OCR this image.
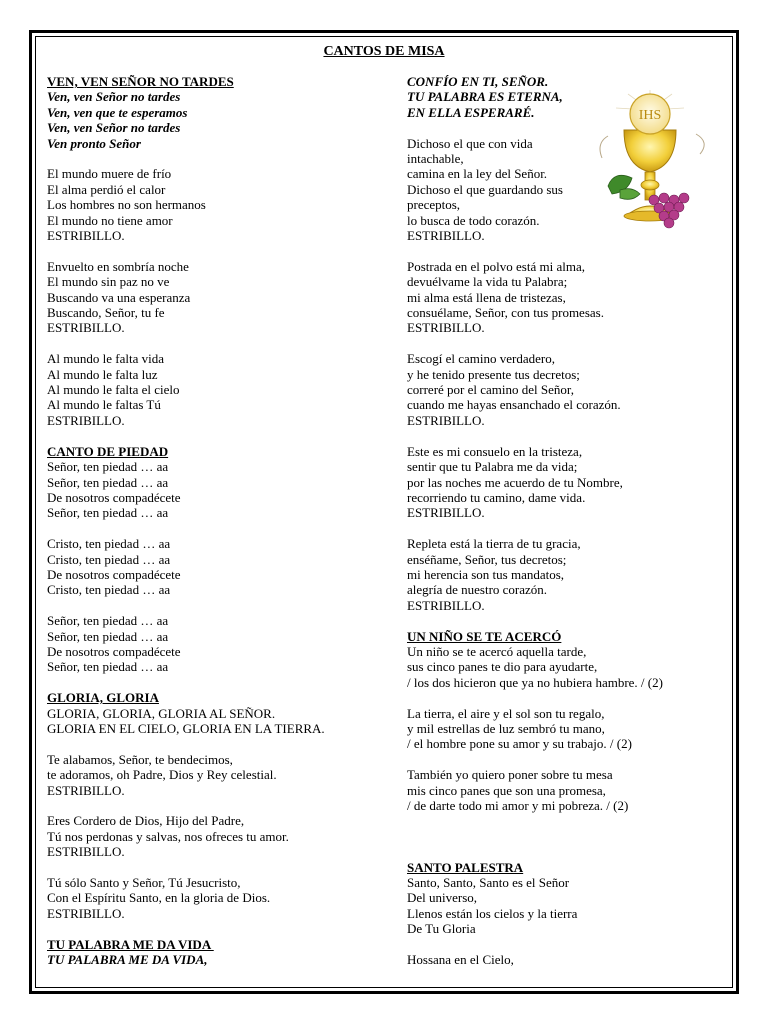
CANTOS DE MISA

VEN, VEN SEÑOR NO TARDES

Ven, ven Señor no tardes

Ven, ven que te esperamos

Ven, ven Señor no tardes

Ven pronto Señor

El mundo muere de frío

El alma perdió el calor

Los hombres no son hermanos

El mundo no tiene amor

ESTRIBILLO.

Envuelto en sombría noche

El mundo sin paz no ve

Buscando va una esperanza

Buscando, Señor, tu fe

ESTRIBILLO.

Al mundo le falta vida

Al mundo le falta luz

Al mundo le falta el cielo

Al mundo le faltas Tú

ESTRIBILLO.

CANTO DE PIEDAD

Señor, ten piedad … aa

Señor, ten piedad … aa

De nosotros compadécete

Señor, ten piedad … aa

Cristo, ten piedad … aa

Cristo, ten piedad … aa

De nosotros compadécete

Cristo, ten piedad … aa

Señor, ten piedad … aa

Señor, ten piedad … aa

De nosotros compadécete

Señor, ten piedad … aa

GLORIA, GLORIA

GLORIA, GLORIA, GLORIA AL SEÑOR.

GLORIA EN EL CIELO, GLORIA EN LA TIERRA.

Te alabamos, Señor, te bendecimos,

te adoramos, oh Padre, Dios y Rey celestial.

ESTRIBILLO.

Eres Cordero de Dios, Hijo del Padre,

Tú nos perdonas y salvas, nos ofreces tu amor.

ESTRIBILLO.

Tú sólo Santo y Señor, Tú Jesucristo,

Con el Espíritu Santo, en la gloria de Dios.

ESTRIBILLO.

TU PALABRA ME DA VIDA

TU PALABRA ME DA VIDA,

CONFÍO EN TI, SEÑOR.

TU PALABRA ES ETERNA,

EN ELLA ESPERARÉ.

Dichoso el que con vida

intachable,

camina en la ley del Señor.

Dichoso el que guardando sus

preceptos,

lo busca de todo corazón.

ESTRIBILLO.

Postrada en el polvo está mi alma,

devuélvame la vida tu Palabra;

mi alma está llena de tristezas,

consuélame, Señor, con tus promesas.

ESTRIBILLO.

Escogí el camino verdadero,

y he tenido presente tus decretos;

correré por el camino del Señor,

cuando me hayas ensanchado el corazón.

ESTRIBILLO.

Este es mi consuelo en la tristeza,

sentir que tu Palabra me da vida;

por las noches me acuerdo de tu Nombre,

recorriendo tu camino, dame vida.

ESTRIBILLO.

Repleta está la tierra de tu gracia,

enséñame, Señor, tus decretos;

mi herencia son tus mandatos,

alegría de nuestro corazón.

ESTRIBILLO.

UN NIÑO SE TE ACERCÓ

Un niño se te acercó aquella tarde,

sus cinco panes te dio para ayudarte,

/ los dos hicieron que ya no hubiera hambre. / (2)

La tierra, el aire y el sol son tu regalo,

y mil estrellas de luz sembró tu mano,

/ el hombre pone su amor y su trabajo. / (2)

También yo quiero poner sobre tu mesa

mis cinco panes que son una promesa,

/ de darte todo mi amor y mi pobreza. / (2)

SANTO PALESTRA

Santo, Santo, Santo es el Señor

Del universo,

Llenos están los cielos y la tierra

De Tu Gloria

Hossana en el Cielo,

IHS
